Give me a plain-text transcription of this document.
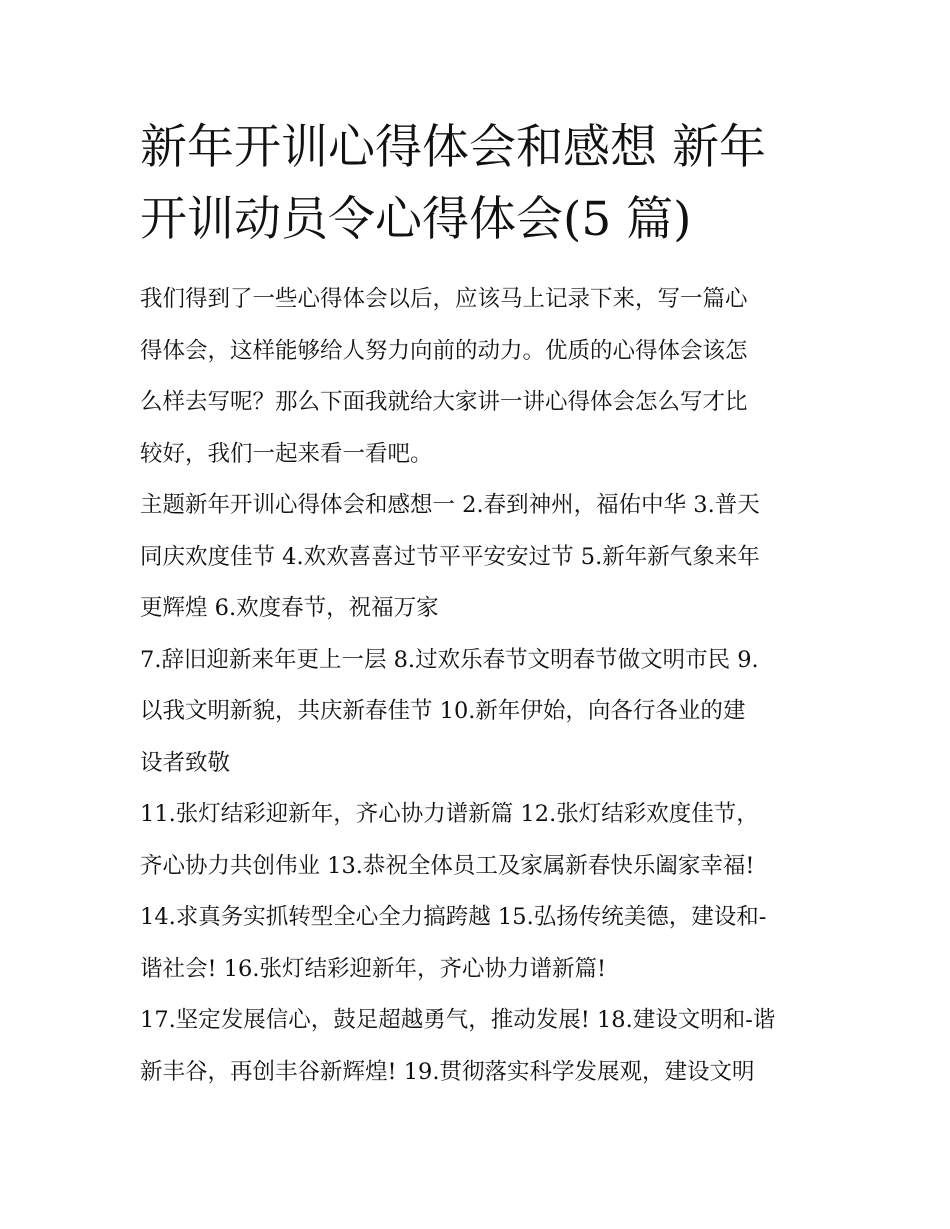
新年开训心得体会和感想 新年
开训动员令心得体会(5 篇)

我们得到了一些心得体会以后，应该马上记录下来，写一篇心
得体会，这样能够给人努力向前的动力。优质的心得体会该怎
么样去写呢？那么下面我就给大家讲一讲心得体会怎么写才比
较好，我们一起来看一看吧。

主题新年开训心得体会和感想一 2.春到神州，福佑中华 3.普天
同庆欢度佳节 4.欢欢喜喜过节平平安安过节 5.新年新气象来年
更辉煌 6.欢度春节，祝福万家

7.辞旧迎新来年更上一层 8.过欢乐春节文明春节做文明市民 9.
以我文明新貌，共庆新春佳节 10.新年伊始，向各行各业的建
设者致敬

11.张灯结彩迎新年，齐心协力谱新篇 12.张灯结彩欢度佳节，
齐心协力共创伟业 13.恭祝全体员工及家属新春快乐阖家幸福!
14.求真务实抓转型全心全力搞跨越 15.弘扬传统美德，建设和-
谐社会! 16.张灯结彩迎新年，齐心协力谱新篇!

17.坚定发展信心，鼓足超越勇气，推动发展! 18.建设文明和-谐
新丰谷，再创丰谷新辉煌! 19.贯彻落实科学发展观，建设文明
